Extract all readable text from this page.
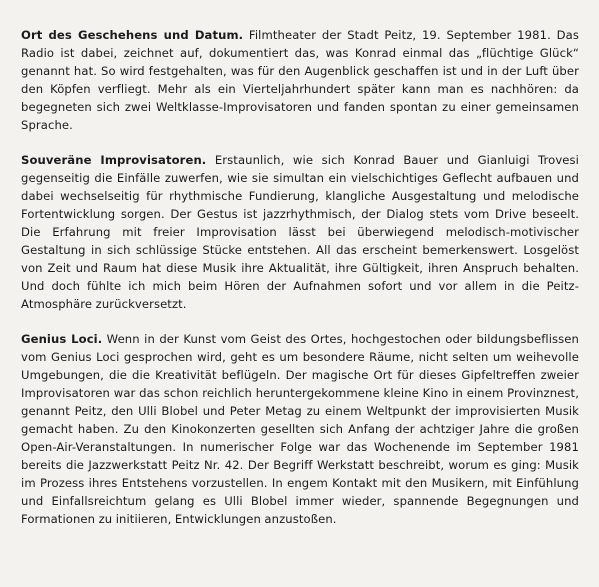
Ort des Geschehens und Datum. Filmtheater der Stadt Peitz, 19. September 1981. Das Radio ist dabei, zeichnet auf, dokumentiert das, was Konrad einmal das „flüchtige Glück“ genannt hat. So wird festgehalten, was für den Augenblick geschaffen ist und in der Luft über den Köpfen verfliegt. Mehr als ein Vierteljahrhundert später kann man es nachhören: da begegneten sich zwei Weltklasse-Improvisatoren und fanden spontan zu einer gemeinsamen Sprache.

Souveräne Improvisatoren. Erstaunlich, wie sich Konrad Bauer und Gianluigi Trovesi gegenseitig die Einfälle zuwerfen, wie sie simultan ein vielschichtiges Geflecht aufbauen und dabei wechselseitig für rhythmische Fundierung, klangliche Ausgestaltung und melodische Fortentwicklung sorgen. Der Gestus ist jazzrhythmisch, der Dialog stets vom Drive beseelt. Die Erfahrung mit freier Improvisation lässt bei überwiegend melodisch-motivischer Gestaltung in sich schlüssige Stücke entstehen. All das erscheint bemerkenswert. Losgelöst von Zeit und Raum hat diese Musik ihre Aktualität, ihre Gültigkeit, ihren Anspruch behalten. Und doch fühlte ich mich beim Hören der Aufnahmen sofort und vor allem in die Peitz-Atmosphäre zurückversetzt.

Genius Loci. Wenn in der Kunst vom Geist des Ortes, hochgestochen oder bildungsbeflissen vom Genius Loci gesprochen wird, geht es um besondere Räume, nicht selten um weihevolle Umgebungen, die die Kreativität beflügeln. Der magische Ort für dieses Gipfeltreffen zweier Improvisatoren war das schon reichlich heruntergekommene kleine Kino in einem Provinznest, genannt Peitz, den Ulli Blobel und Peter Metag zu einem Weltpunkt der improvisierten Musik gemacht haben. Zu den Kinokonzerten gesellten sich Anfang der achtziger Jahre die großen Open-Air-Veranstaltungen. In numerischer Folge war das Wochenende im September 1981 bereits die Jazzwerkstatt Peitz Nr. 42. Der Begriff Werkstatt beschreibt, worum es ging: Musik im Prozess ihres Entstehens vorzustellen. In engem Kontakt mit den Musikern, mit Einfühlung und Einfallsreichtum gelang es Ulli Blobel immer wieder, spannende Begegnungen und Formationen zu initiieren, Entwicklungen anzustoßen.
